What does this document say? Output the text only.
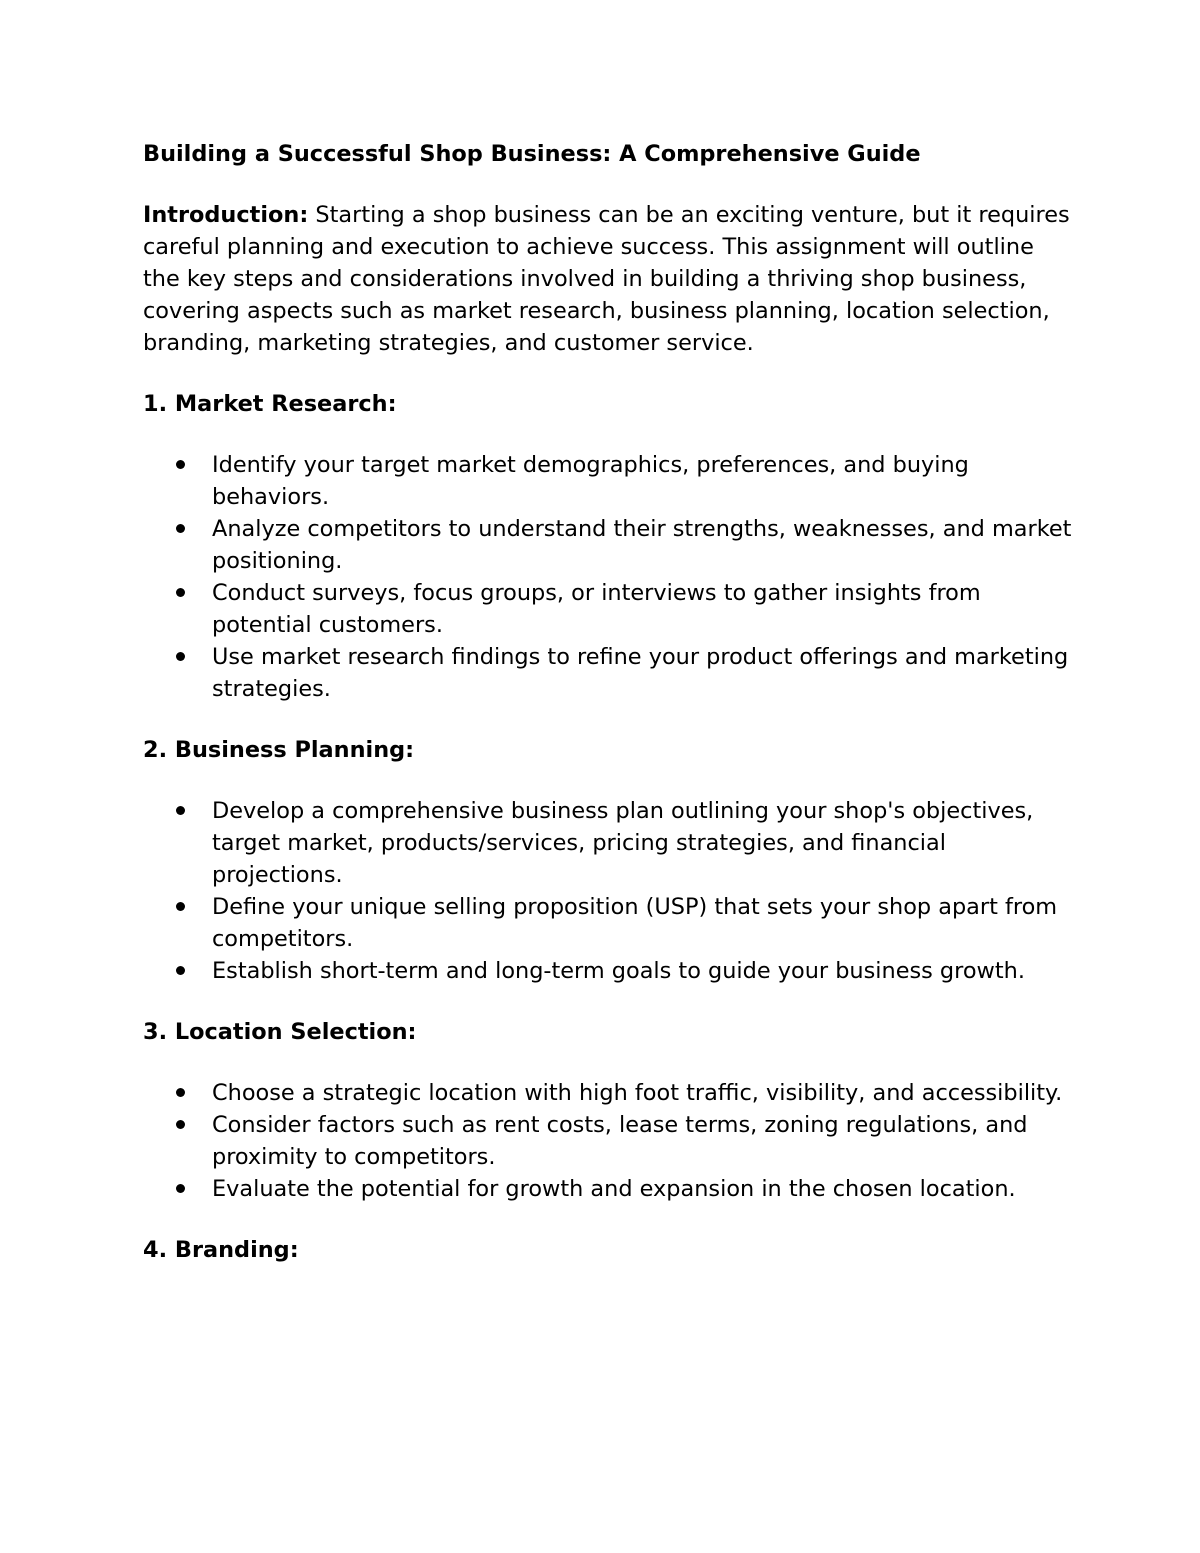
Building a Successful Shop Business: A Comprehensive Guide

Introduction: Starting a shop business can be an exciting venture, but it requires careful planning and execution to achieve success. This assignment will outline the key steps and considerations involved in building a thriving shop business, covering aspects such as market research, business planning, location selection, branding, marketing strategies, and customer service.

1. Market Research:
Identify your target market demographics, preferences, and buying behaviors.
Analyze competitors to understand their strengths, weaknesses, and market positioning.
Conduct surveys, focus groups, or interviews to gather insights from potential customers.
Use market research findings to refine your product offerings and marketing strategies.
2. Business Planning:
Develop a comprehensive business plan outlining your shop's objectives, target market, products/services, pricing strategies, and financial projections.
Define your unique selling proposition (USP) that sets your shop apart from competitors.
Establish short-term and long-term goals to guide your business growth.
3. Location Selection:
Choose a strategic location with high foot traffic, visibility, and accessibility.
Consider factors such as rent costs, lease terms, zoning regulations, and proximity to competitors.
Evaluate the potential for growth and expansion in the chosen location.
4. Branding:
